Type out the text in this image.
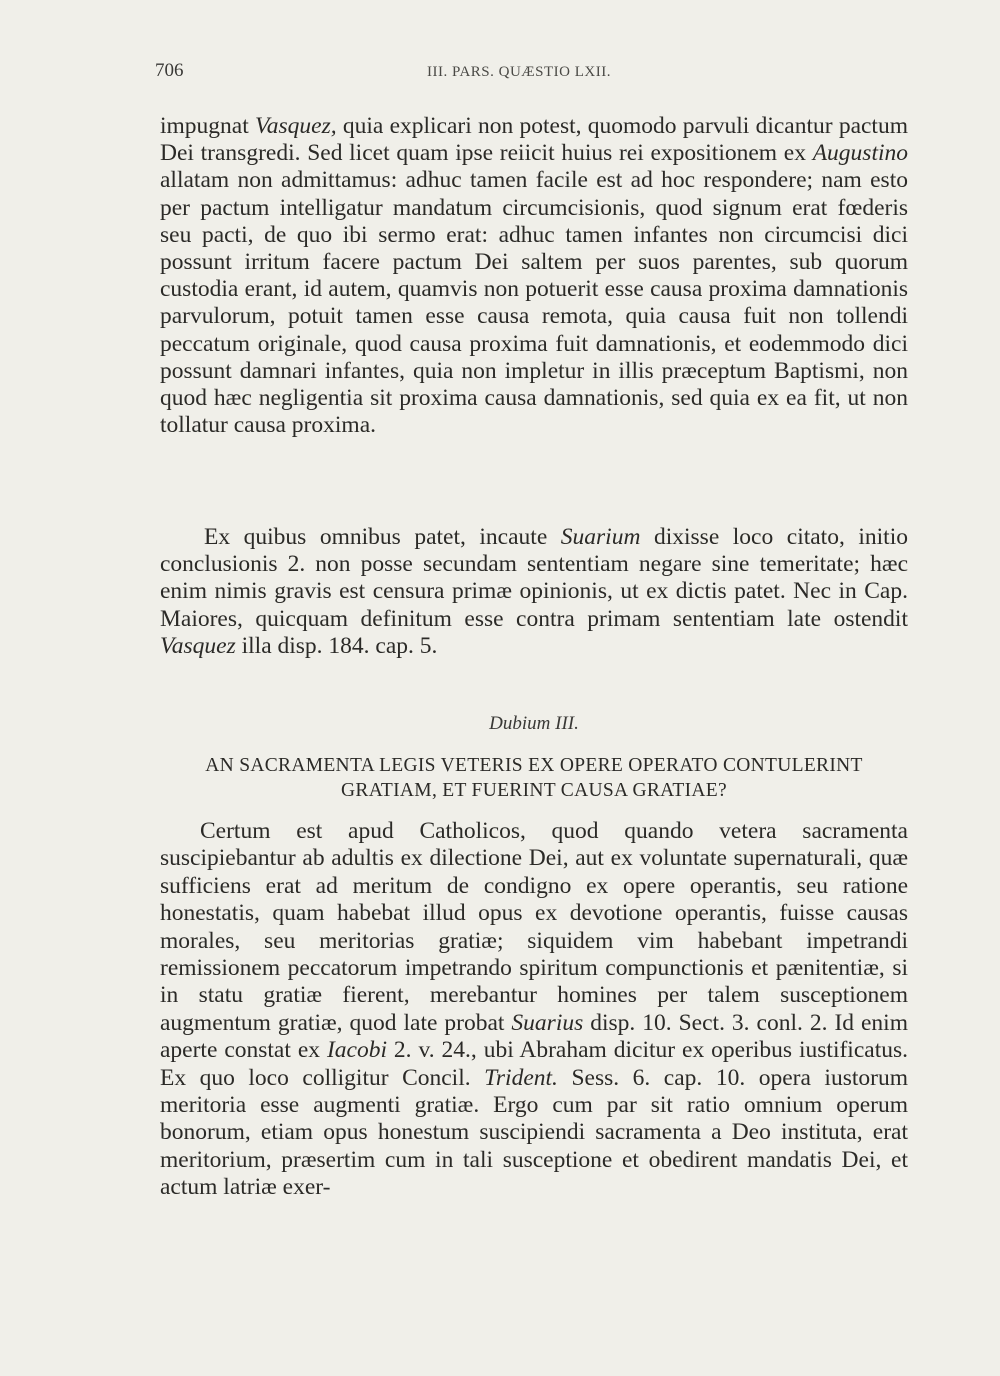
706	III. PARS. QUÆSTIO LXII.

impugnat Vasquez, quia explicari non potest, quomodo parvuli dicantur pactum Dei transgredi. Sed licet quam ipse reiicit huius rei expositionem ex Augustino allatam non admittamus: adhuc tamen facile est ad hoc respondere; nam esto per pactum intelligatur mandatum circumcisionis, quod signum erat fœderis seu pacti, de quo ibi sermo erat: adhuc tamen infantes non circumcisi dici possunt irritum facere pactum Dei saltem per suos parentes, sub quorum custodia erant, id autem, quamvis non potuerit esse causa proxima damnationis parvulorum, potuit tamen esse causa remota, quia causa fuit non tollendi peccatum originale, quod causa proxima fuit damnationis, et eodemmodo dici possunt damnari infantes, quia non impletur in illis præceptum Baptismi, non quod hæc negligentia sit proxima causa damnationis, sed quia ex ea fit, ut non tollatur causa proxima.

Ex quibus omnibus patet, incaute Suarium dixisse loco citato, initio conclusionis 2. non posse secundam sententiam negare sine temeritate; hæc enim nimis gravis est censura primæ opinionis, ut ex dictis patet. Nec in Cap. Maiores, quicquam definitum esse contra primam sententiam late ostendit Vasquez illa disp. 184. cap. 5.

Dubium III.
AN SACRAMENTA LEGIS VETERIS EX OPERE OPERATO CONTULERINT
GRATIAM, ET FUERINT CAUSA GRATIAE?

Certum est apud Catholicos, quod quando vetera sacramenta suscipiebantur ab adultis ex dilectione Dei, aut ex voluntate supernaturali, quæ sufficiens erat ad meritum de condigno ex opere operantis, seu ratione honestatis, quam habebat illud opus ex devotione operantis, fuisse causas morales, seu meritorias gratiæ; siquidem vim habebant impetrandi remissionem peccatorum impetrando spiritum compunctionis et pænitentiæ, si in statu gratiæ fierent, merebantur homines per talem susceptionem augmentum gratiæ, quod late probat Suarius disp. 10. Sect. 3. conl. 2. Id enim aperte constat ex Iacobi 2. v. 24., ubi Abraham dicitur ex operibus iustificatus. Ex quo loco colligitur Concil. Trident. Sess. 6. cap. 10. opera iustorum meritoria esse augmenti gratiæ. Ergo cum par sit ratio omnium operum bonorum, etiam opus honestum suscipiendi sacramenta a Deo instituta, erat meritorium, præsertim cum in tali susceptione et obedirent mandatis Dei, et actum latriæ exer-
